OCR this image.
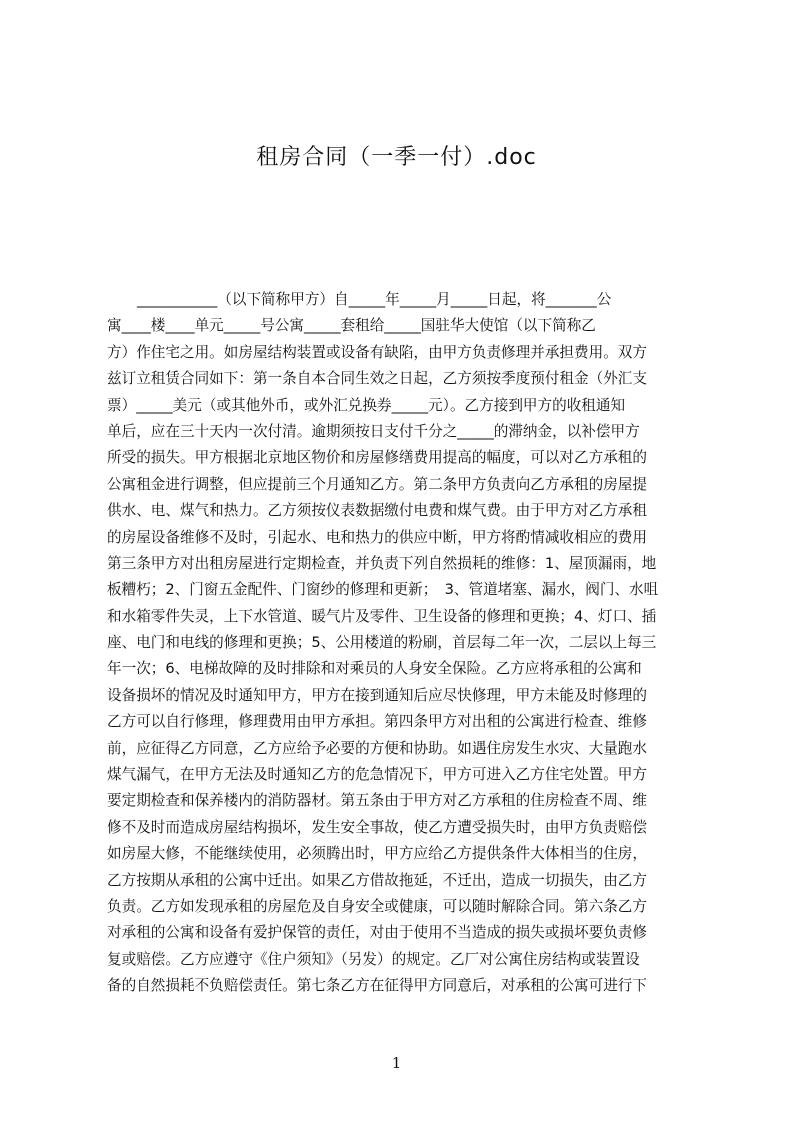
租房合同（一季一付）.doc
___________（以下简称甲方）自_____年_____月_____日起，将_______公
寓____楼____单元_____号公寓_____套租给_____国驻华大使馆（以下简称乙
方）作住宅之用。如房屋结构装置或设备有缺陷，由甲方负责修理并承担费用。双方
兹订立租赁合同如下：第一条自本合同生效之日起，乙方须按季度预付租金（外汇支
票）_____美元（或其他外币，或外汇兑换券_____元）。乙方接到甲方的收租通知
单后，应在三十天内一次付清。逾期须按日支付千分之_____的滞纳金，以补偿甲方
所受的损失。甲方根据北京地区物价和房屋修缮费用提高的幅度，可以对乙方承租的
公寓租金进行调整，但应提前三个月通知乙方。第二条甲方负责向乙方承租的房屋提
供水、电、煤气和热力。乙方须按仪表数据缴付电费和煤气费。由于甲方对乙方承租
的房屋设备维修不及时，引起水、电和热力的供应中断，甲方将酌情减收相应的费用
第三条甲方对出租房屋进行定期检查，并负责下列自然损耗的维修：1、屋顶漏雨，地
板糟朽；2、门窗五金配件、门窗纱的修理和更新；　3、管道堵塞、漏水，阀门、水咀
和水箱零件失灵，上下水管道、暖气片及零件、卫生设备的修理和更换；4、灯口、插
座、电门和电线的修理和更换；5、公用楼道的粉刷，首层每二年一次，二层以上每三
年一次；6、电梯故障的及时排除和对乘员的人身安全保险。乙方应将承租的公寓和
设备损坏的情况及时通知甲方，甲方在接到通知后应尽快修理，甲方未能及时修理的
乙方可以自行修理，修理费用由甲方承担。第四条甲方对出租的公寓进行检查、维修
前，应征得乙方同意，乙方应给予必要的方便和协助。如遇住房发生水灾、大量跑水
煤气漏气，在甲方无法及时通知乙方的危急情况下，甲方可进入乙方住宅处置。甲方
要定期检查和保养楼内的消防器材。第五条由于甲方对乙方承租的住房检查不周、维
修不及时而造成房屋结构损坏，发生安全事故，使乙方遭受损失时，由甲方负责赔偿
如房屋大修，不能继续使用，必须腾出时，甲方应给乙方提供条件大体相当的住房，
乙方按期从承租的公寓中迁出。如果乙方借故拖延，不迁出，造成一切损失，由乙方
负责。乙方如发现承租的房屋危及自身安全或健康，可以随时解除合同。第六条乙方
对承租的公寓和设备有爱护保管的责任，对由于使用不当造成的损失或损坏要负责修
复或赔偿。乙方应遵守《住户须知》（另发）的规定。乙厂对公寓住房结构或装置设
备的自然损耗不负赔偿责任。第七条乙方在征得甲方同意后，对承租的公寓可进行下
1
